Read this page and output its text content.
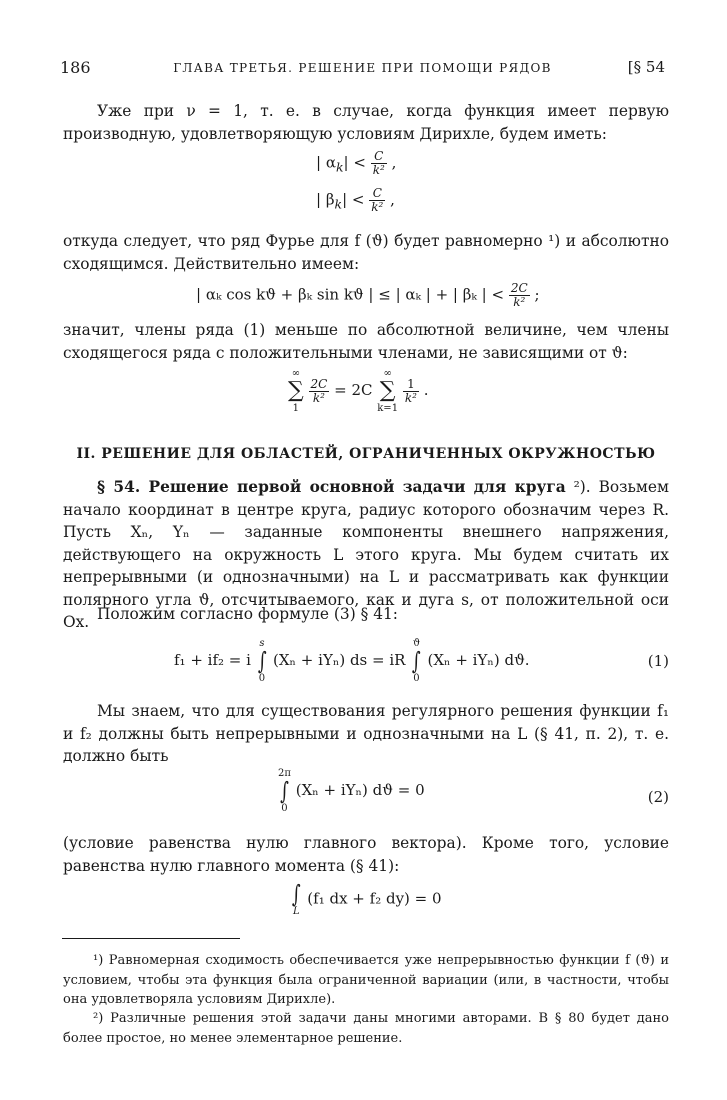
186	ГЛАВА ТРЕТЬЯ. РЕШЕНИЕ ПРИ ПОМОЩИ РЯДОВ	[§ 54
Уже при ν = 1, т. е. в случае, когда функция имеет первую производную, удовлетворяющую условиям Дирихле, будем иметь:
| $\alpha_k| < \frac{C}{\text{k²}}$ ,
| $\beta_k| < \frac{C}{\text{k²}}$ ,
откуда следует, что ряд Фурье для f (ϑ) будет равномерно ¹) и абсолютно сходящимся. Действительно имеем:
| αₖ cos kϑ + βₖ sin kϑ | ≤ | αₖ | + | βₖ | < $\frac{2C}{\text{k²}}$ ;
значит, члены ряда (1) меньше по абсолютной величине, чем члены сходящегося ряда с положительными членами, не зависящими от ϑ:
∞
∑
1

$\frac{2C}{\text{k²}} = 2C$
∞
∑
k=1

$\frac{1}{\text{k²}}$ .
II. РЕШЕНИЕ ДЛЯ ОБЛАСТЕЙ, ОГРАНИЧЕННЫХ ОКРУЖНОСТЬЮ
§ 54. Решение первой основной задачи для круга ²). Возьмем начало координат в центре круга, радиус которого обозначим через R. Пусть Xₙ, Yₙ — заданные компоненты внешнего напряжения, действующего на окружность L этого круга. Мы будем считать их непрерывными (и однозначными) на L и рассматривать как функции полярного угла ϑ, отсчитываемого, как и дуга s, от положительной оси Ox. Положим согласно формуле (3) § 41:
f₁ + if₂ = i
s
∫
0
(Xₙ + iYₙ) ds = iR
ϑ
∫
0
(Xₙ + iYₙ) dϑ.	(1)
Мы знаем, что для существования регулярного решения функции f₁ и f₂ должны быть непрерывными и однозначными на L (§ 41, п. 2), т. е. должно быть
2π
∫
0
(Xₙ + iYₙ) dϑ = 0	(2)
(условие равенства нулю главного вектора). Кроме того, условие равенства нулю главного момента (§ 41):
∫
L
(f₁ dx + f₂ dy) = 0
¹) Равномерная сходимость обеспечивается уже непрерывностью функции f (ϑ) и условием, чтобы эта функция была ограниченной вариации (или, в частности, чтобы она удовлетворяла условиям Дирихле).
²) Различные решения этой задачи даны многими авторами. В § 80 будет дано более простое, но менее элементарное решение.
